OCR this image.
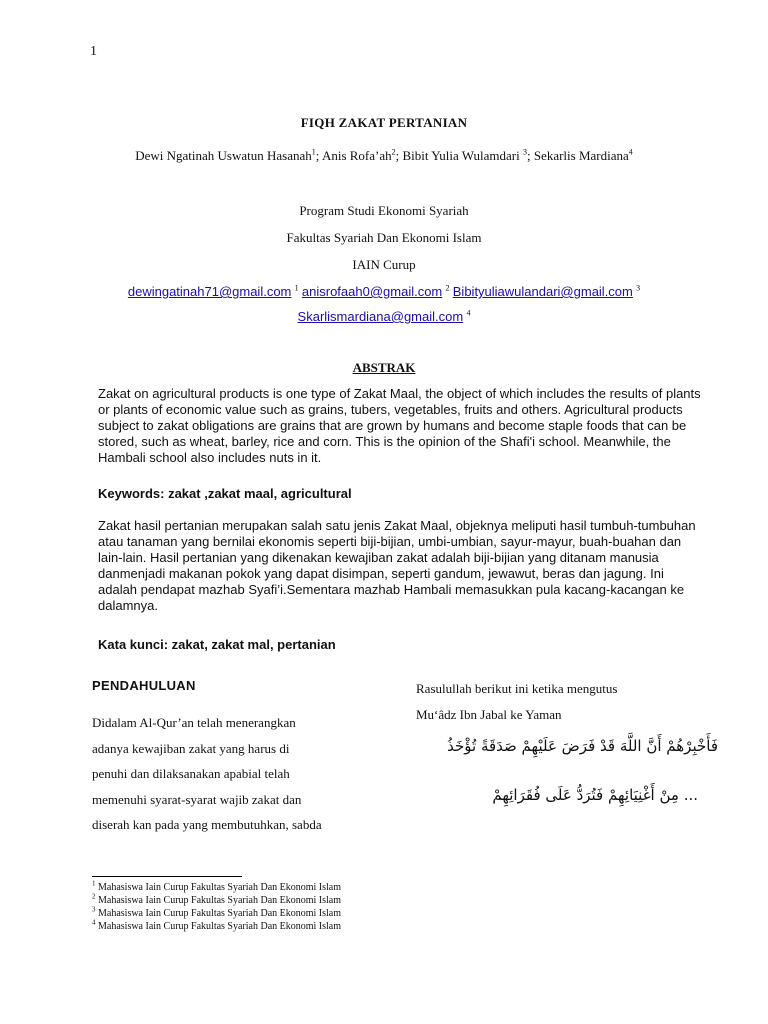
1
FIQH ZAKAT PERTANIAN
Dewi Ngatinah Uswatun Hasanah$^1$; Anis $Rofa’ah^2$; Bibit Yulia Wulamdari $^3$; Sekarlis Mardiana$^4$
Program Studi Ekonomi Syariah
Fakultas Syariah Dan Ekonomi Islam
IAIN Curup
dewingatinah71@gmail.com $^1$ anisrofaah0@gmail.com $^2$ Bibityuliawulandari@gmail.com $^3$
Skarlismardiana@gmail.com $^4$
ABSTRAK
Zakat on agricultural products is one type of Zakat Maal, the object of which includes the results of plants or plants of economic value such as grains, tubers, vegetables, fruits and others. Agricultural products subject to zakat obligations are grains that are grown by humans and become staple foods that can be stored, such as wheat, barley, rice and corn. This is the opinion of the Shafi'i school. Meanwhile, the Hambali school also includes nuts in it.
Keywords: zakat ,zakat maal, agricultural
Zakat hasil pertanian merupakan salah satu jenis Zakat Maal, objeknya meliputi hasil tumbuh-tumbuhan atau tanaman yang bernilai ekonomis seperti biji-bijian, umbi-umbian, sayur-mayur, buah-buahan dan lain-lain. Hasil pertanian yang dikenakan kewajiban zakat adalah biji-bijian yang ditanam manusia danmenjadi makanan pokok yang dapat disimpan, seperti gandum, jewawut, beras dan jagung. Ini adalah pendapat mazhab Syafi’i.Sementara mazhab Hambali memasukkan pula kacang-kacangan ke dalamnya.
Kata kunci: zakat, zakat mal, pertanian
PENDAHULUAN
Didalam Al-Qur’an telah menerangkan
adanya kewajiban zakat yang harus di
penuhi dan dilaksanakan apabial telah
memenuhi syarat-syarat wajib zakat dan
diserah kan pada yang membutuhkan, sabda
Rasulullah berikut ini ketika mengutus
Mu‘âdz Ibn Jabal ke Yaman
فَأَخْبِرْهُمْ أَنَّ اللَّهَ قَدْ فَرَضَ عَلَيْهِمْ صَدَقَةً تُؤْخَذُ
... مِنْ أَغْنِيَائِهِمْ فَتُرَدُّ عَلَى فُقَرَائِهِمْ
$^1$ Mahasiswa Iain Curup Fakultas Syariah Dan Ekonomi Islam
$^2$ Mahasiswa Iain Curup Fakultas Syariah Dan Ekonomi Islam
$^3$ Mahasiswa Iain Curup Fakultas Syariah Dan Ekonomi Islam
$^4$ Mahasiswa Iain Curup Fakultas Syariah Dan Ekonomi Islam
